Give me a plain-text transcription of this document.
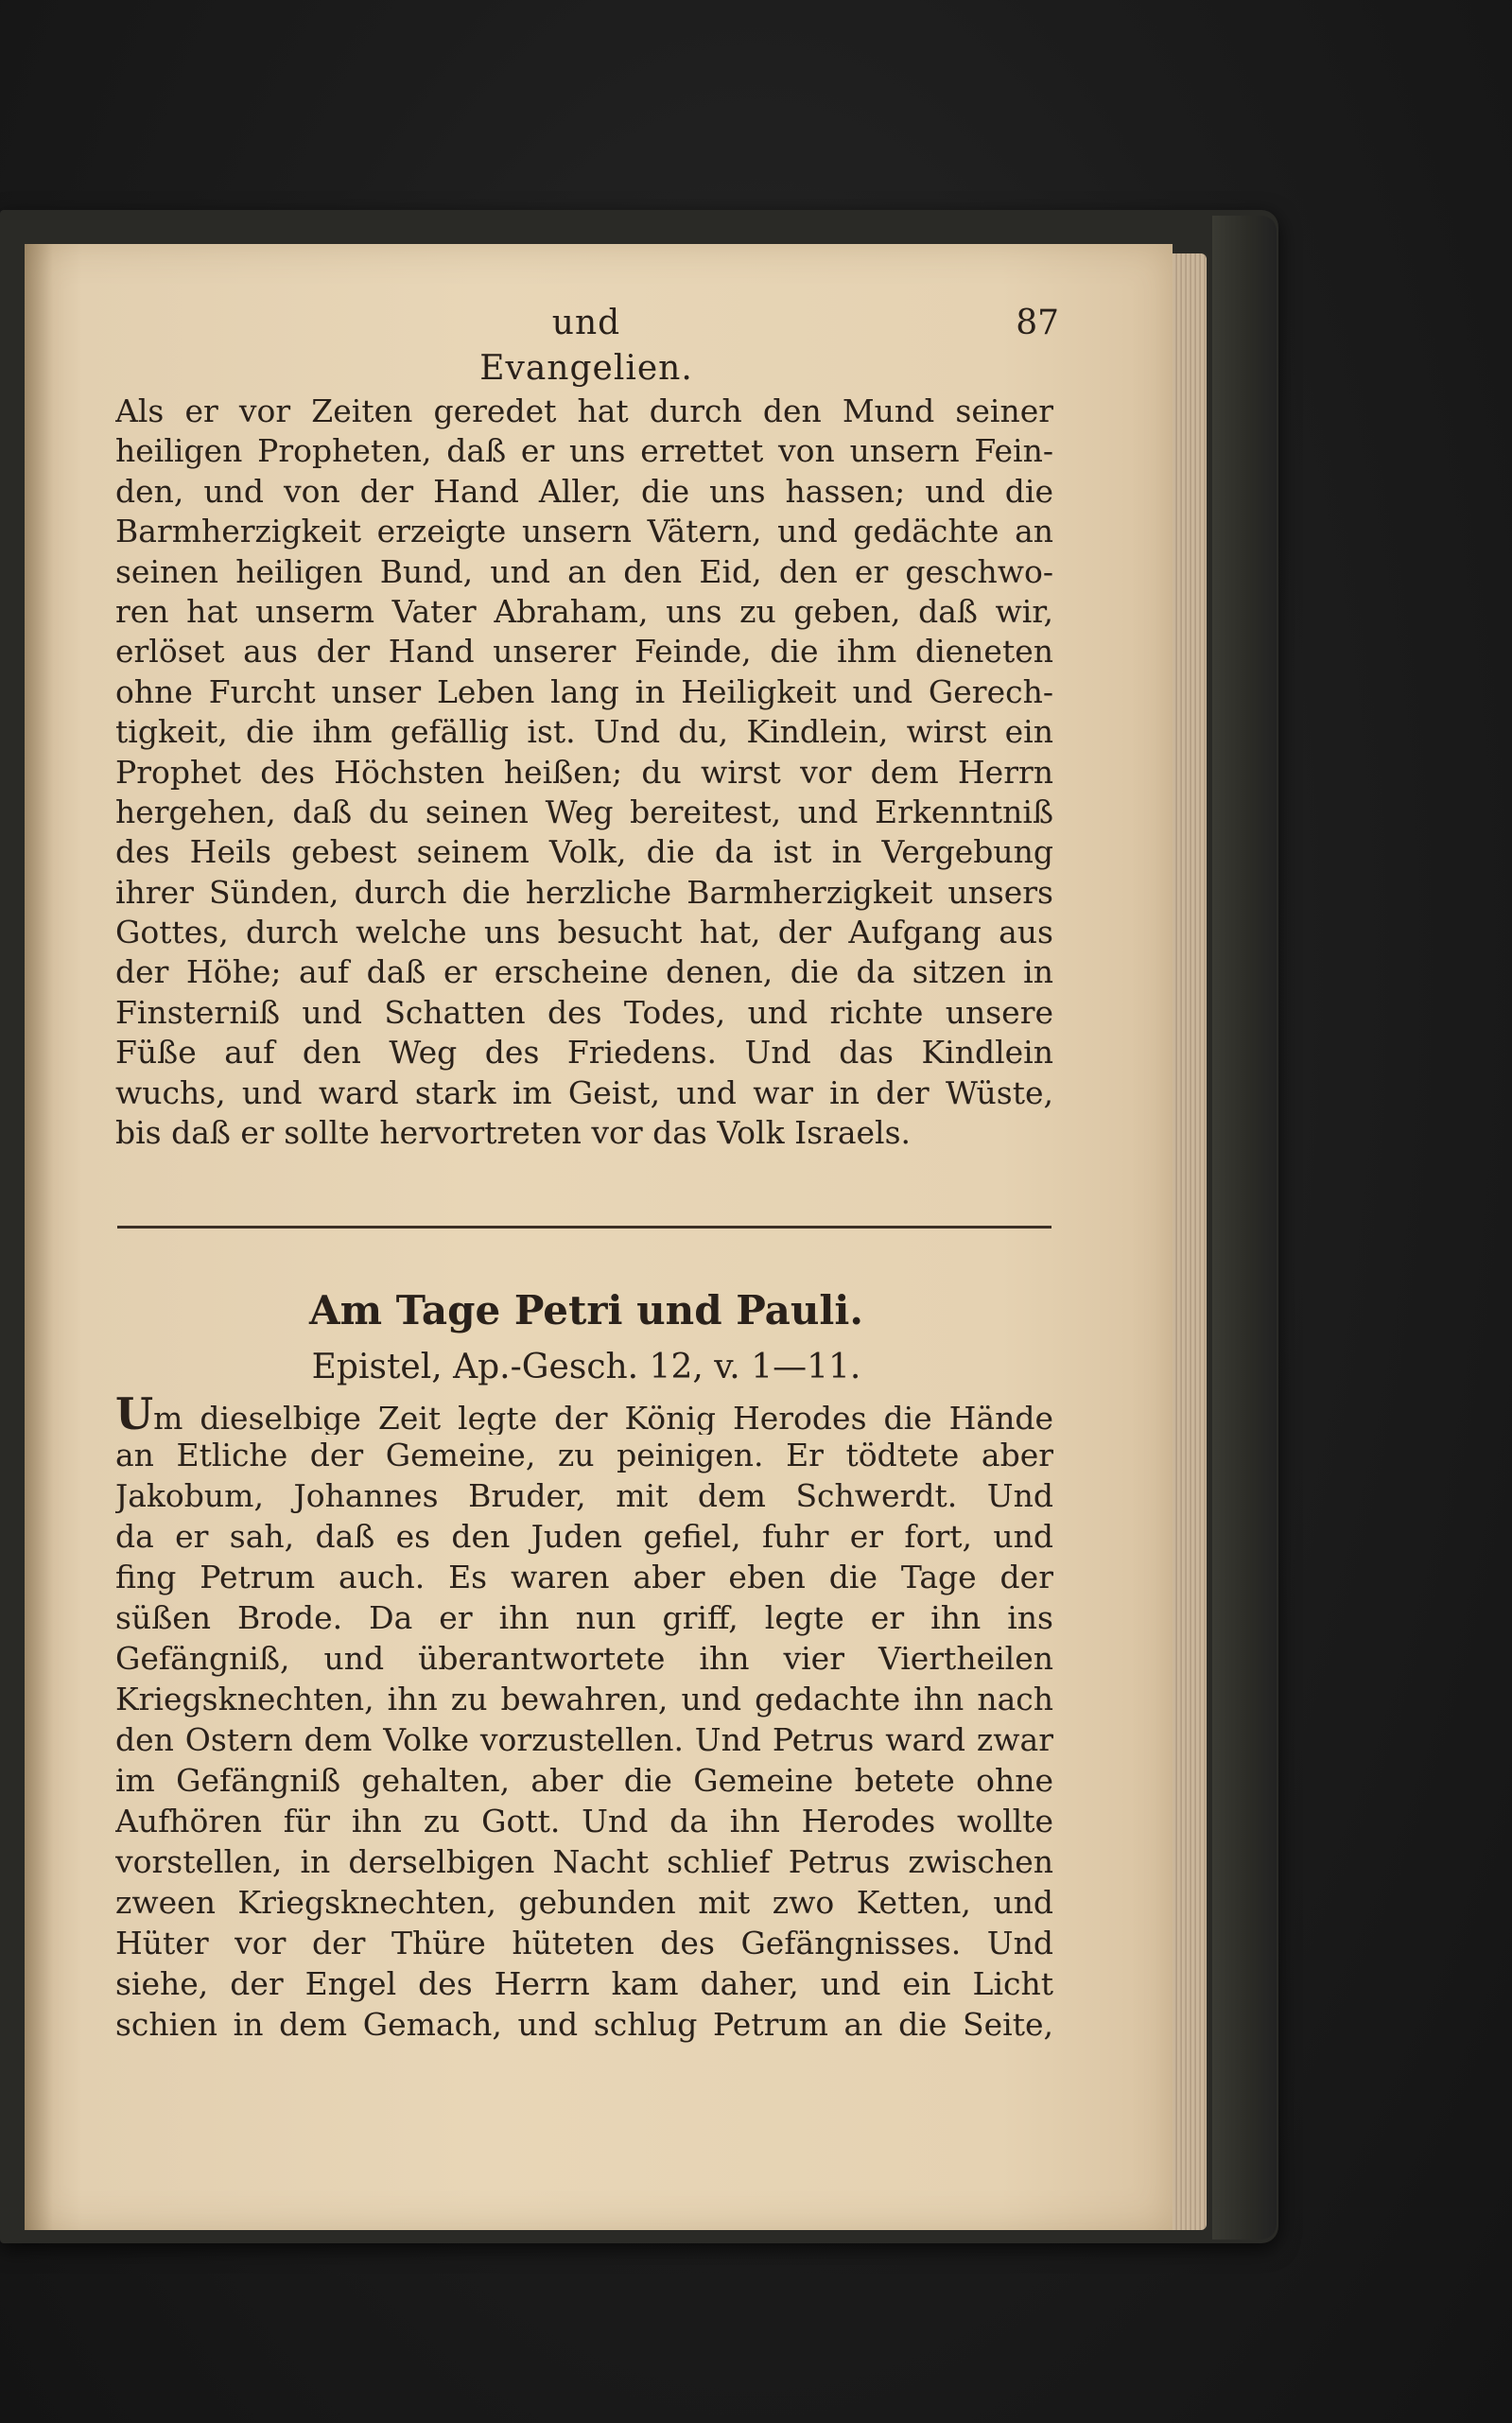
und Evangelien.
87
Als er vor Zeiten geredet hat durch den Mund seiner
heiligen Propheten, daß er uns errettet von unsern Fein-
den, und von der Hand Aller, die uns hassen; und die
Barmherzigkeit erzeigte unsern Vätern, und gedächte an
seinen heiligen Bund, und an den Eid, den er geschwo-
ren hat unserm Vater Abraham, uns zu geben, daß wir,
erlöset aus der Hand unserer Feinde, die ihm dieneten
ohne Furcht unser Leben lang in Heiligkeit und Gerech-
tigkeit, die ihm gefällig ist. Und du, Kindlein, wirst ein
Prophet des Höchsten heißen; du wirst vor dem Herrn
hergehen, daß du seinen Weg bereitest, und Erkenntniß
des Heils gebest seinem Volk, die da ist in Vergebung
ihrer Sünden, durch die herzliche Barmherzigkeit unsers
Gottes, durch welche uns besucht hat, der Aufgang aus
der Höhe; auf daß er erscheine denen, die da sitzen in
Finsterniß und Schatten des Todes, und richte unsere
Füße auf den Weg des Friedens. Und das Kindlein
wuchs, und ward stark im Geist, und war in der Wüste,
bis daß er sollte hervortreten vor das Volk Israels.
Am Tage Petri und Pauli.
Epistel, Ap.-Gesch. 12, v. 1—11.
Um dieselbige Zeit legte der König Herodes die Hände
an Etliche der Gemeine, zu peinigen. Er tödtete aber
Jakobum, Johannes Bruder, mit dem Schwerdt. Und
da er sah, daß es den Juden gefiel, fuhr er fort, und
fing Petrum auch. Es waren aber eben die Tage der
süßen Brode. Da er ihn nun griff, legte er ihn ins
Gefängniß, und überantwortete ihn vier Viertheilen
Kriegsknechten, ihn zu bewahren, und gedachte ihn nach
den Ostern dem Volke vorzustellen. Und Petrus ward zwar
im Gefängniß gehalten, aber die Gemeine betete ohne
Aufhören für ihn zu Gott. Und da ihn Herodes wollte
vorstellen, in derselbigen Nacht schlief Petrus zwischen
zween Kriegsknechten, gebunden mit zwo Ketten, und
Hüter vor der Thüre hüteten des Gefängnisses. Und
siehe, der Engel des Herrn kam daher, und ein Licht
schien in dem Gemach, und schlug Petrum an die Seite,
